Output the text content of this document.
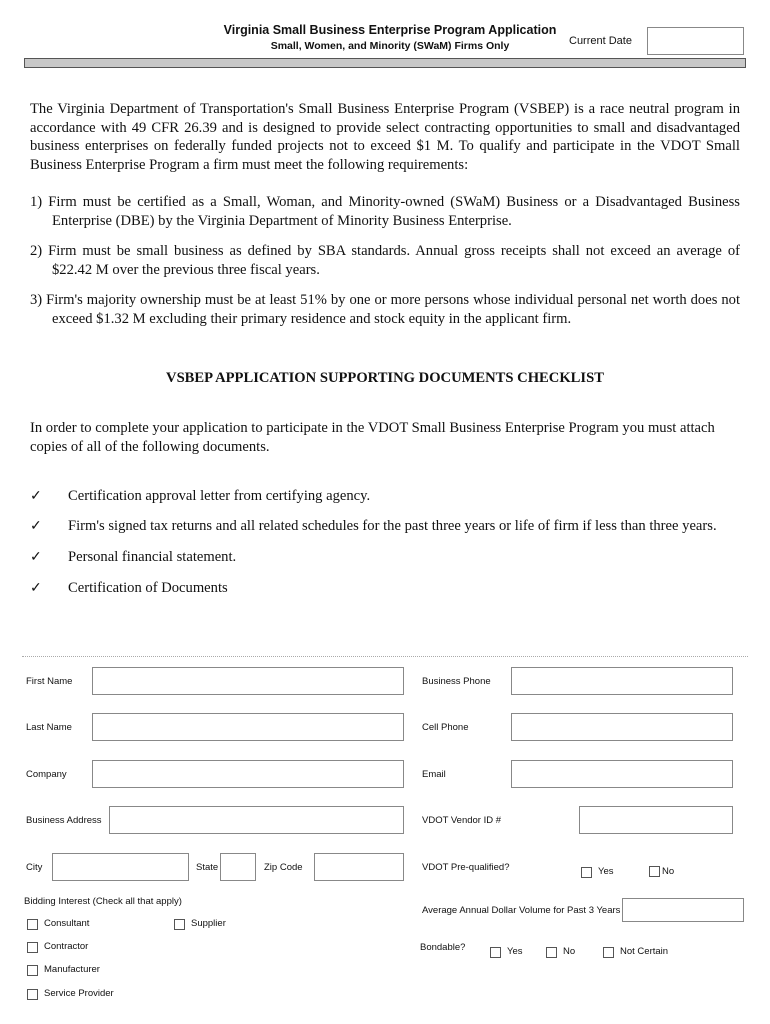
Virginia Small Business Enterprise Program Application
Small, Women, and Minority (SWaM) Firms Only	Current Date
The Virginia Department of Transportation's Small Business Enterprise Program (VSBEP) is a race neutral program in accordance with 49 CFR 26.39 and is designed to provide select contracting opportunities to small and disadvantaged business enterprises on federally funded projects not to exceed $1 M. To qualify and participate in the VDOT Small Business Enterprise Program a firm must meet the following requirements:
1) Firm must be certified as a Small, Woman, and Minority-owned (SWaM) Business or a Disadvantaged Business Enterprise (DBE) by the Virginia Department of Minority Business Enterprise.
2) Firm must be small business as defined by SBA standards. Annual gross receipts shall not exceed an average of $22.42 M over the previous three fiscal years.
3) Firm's majority ownership must be at least 51% by one or more persons whose individual personal net worth does not exceed $1.32 M excluding their primary residence and stock equity in the applicant firm.
VSBEP APPLICATION SUPPORTING DOCUMENTS CHECKLIST
In order to complete your application to participate in the VDOT Small Business Enterprise Program you must attach copies of all of the following documents.
✓ Certification approval letter from certifying agency.
✓ Firm's signed tax returns and all related schedules for the past three years or life of firm if less than three years.
✓ Personal financial statement.
✓ Certification of Documents
First Name
Last Name
Company
Business Address
City	State	Zip Code
Business Phone
Cell Phone
Email
VDOT Vendor ID #
VDOT Pre-qualified?	Yes	No
Bidding Interest (Check all that apply)
Consultant	Supplier
Contractor
Manufacturer
Service Provider
Average Annual Dollar Volume for Past 3 Years
Bondable?	Yes	No	Not Certain
